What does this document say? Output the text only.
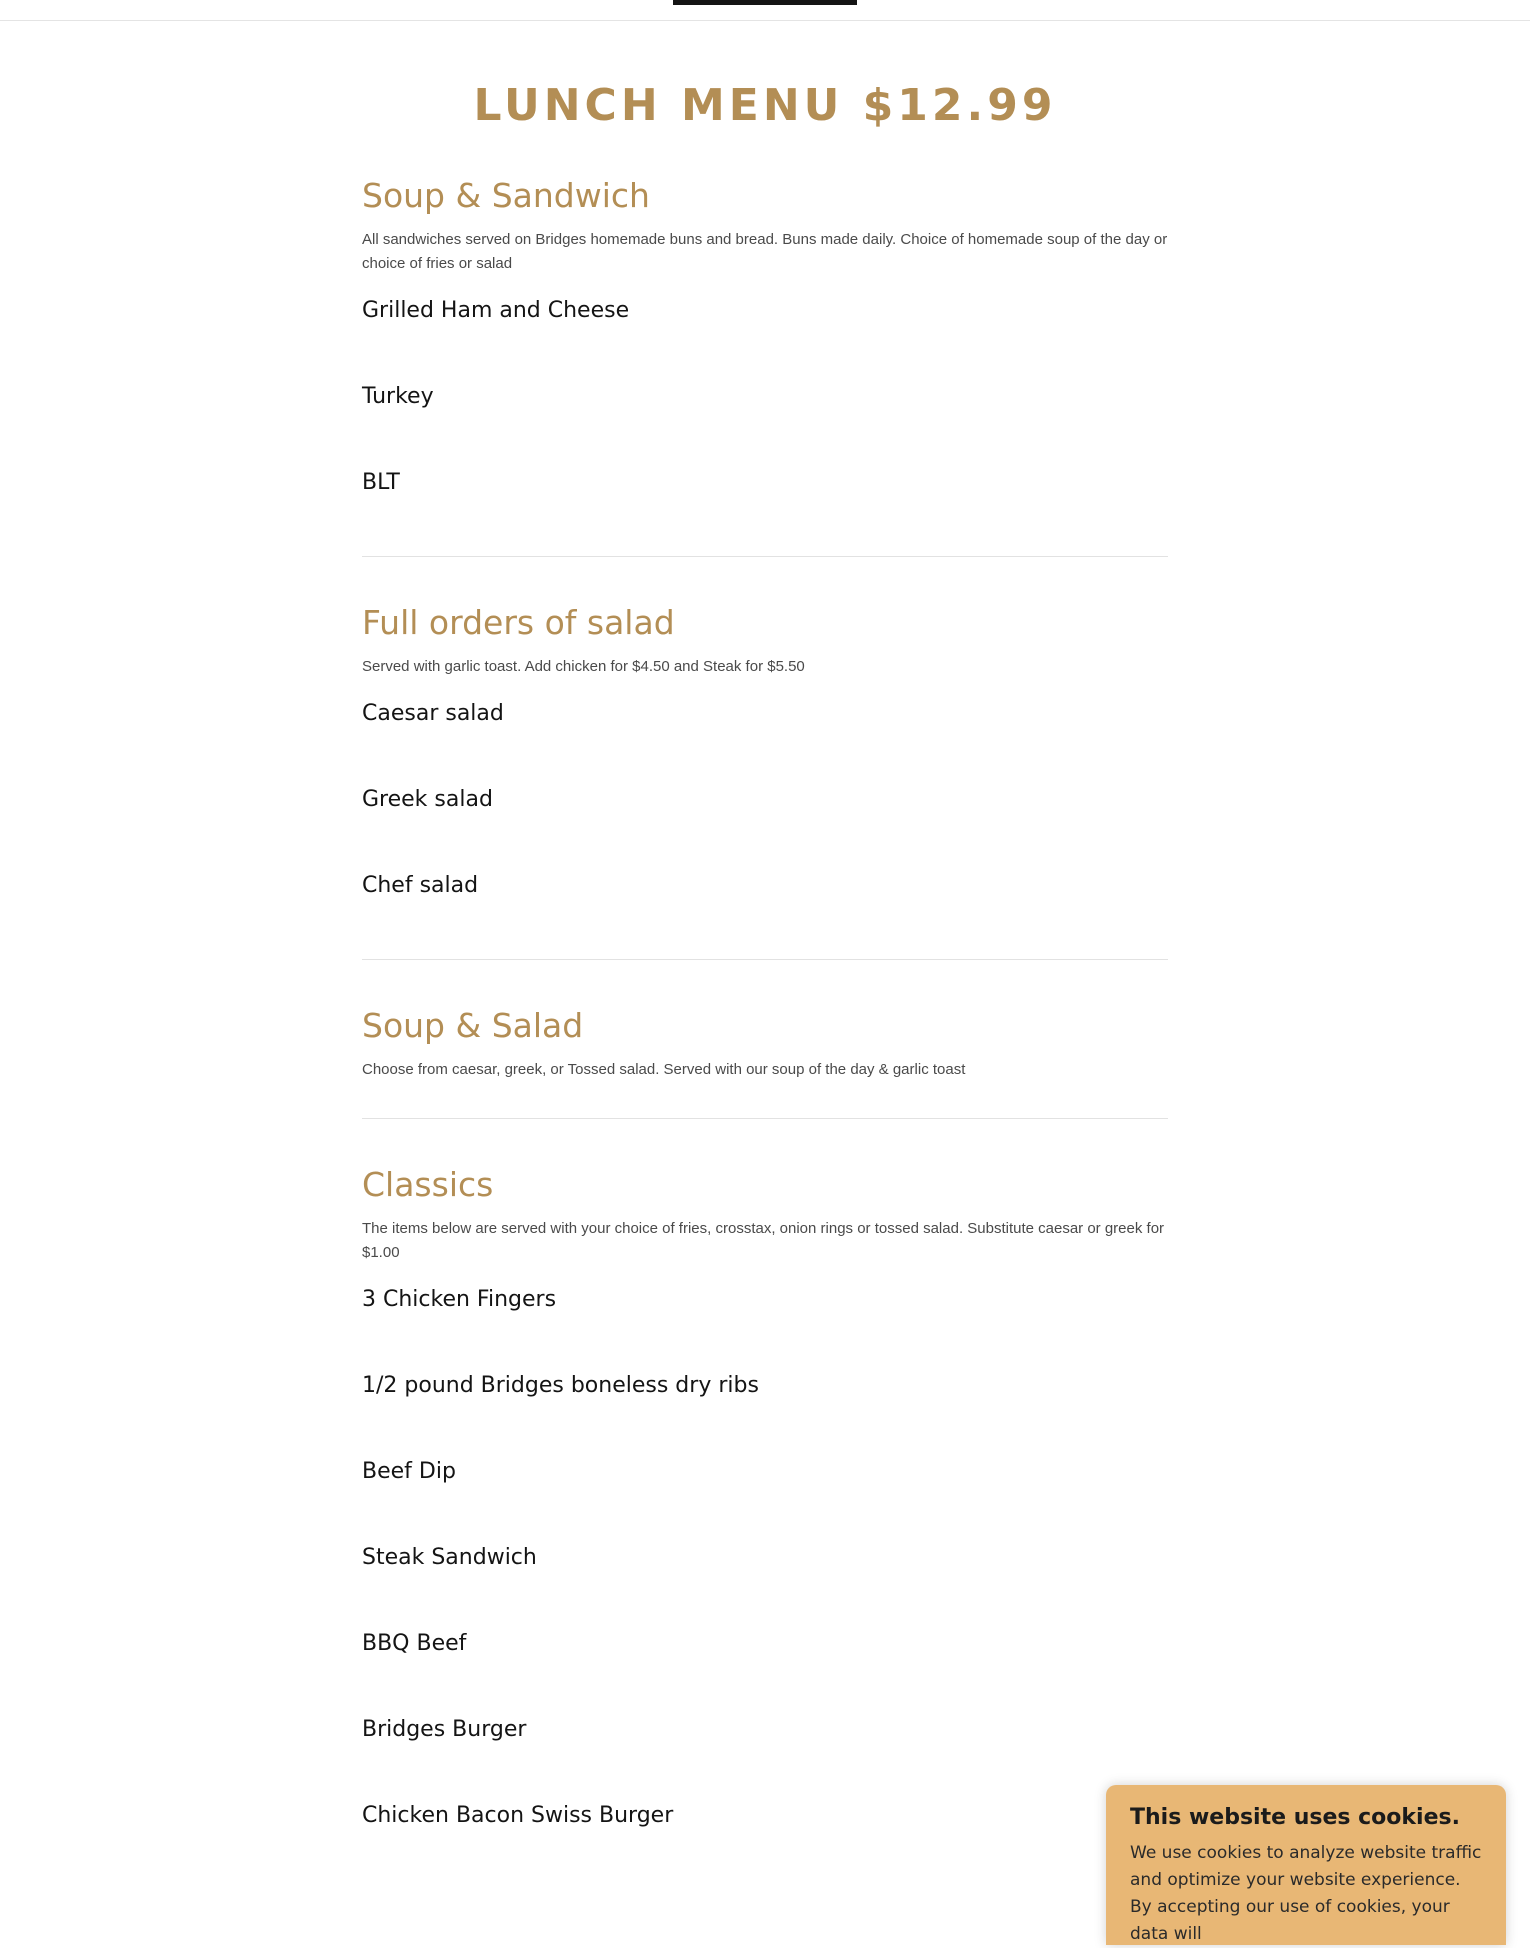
LUNCH MENU $12.99
Soup & Sandwich

All sandwiches served on Bridges homemade buns and bread. Buns made daily. Choice of homemade soup of the day or choice of fries or salad

Grilled Ham and Cheese
Turkey
BLT
Full orders of salad

Served with garlic toast. Add chicken for $4.50 and Steak for $5.50

Caesar salad
Greek salad
Chef salad
Soup & Salad

Choose from caesar, greek, or Tossed salad. Served with our soup of the day & garlic toast

Classics

The items below are served with your choice of fries, crosstax, onion rings or tossed salad. Substitute caesar or greek for $1.00

3 Chicken Fingers
1/2 pound Bridges boneless dry ribs
Beef Dip
Steak Sandwich
BBQ Beef
Bridges Burger
Chicken Bacon Swiss Burger	This website uses cookies.

We use cookies to analyze website traffic and optimize your website experience. By accepting our use of cookies, your data will
